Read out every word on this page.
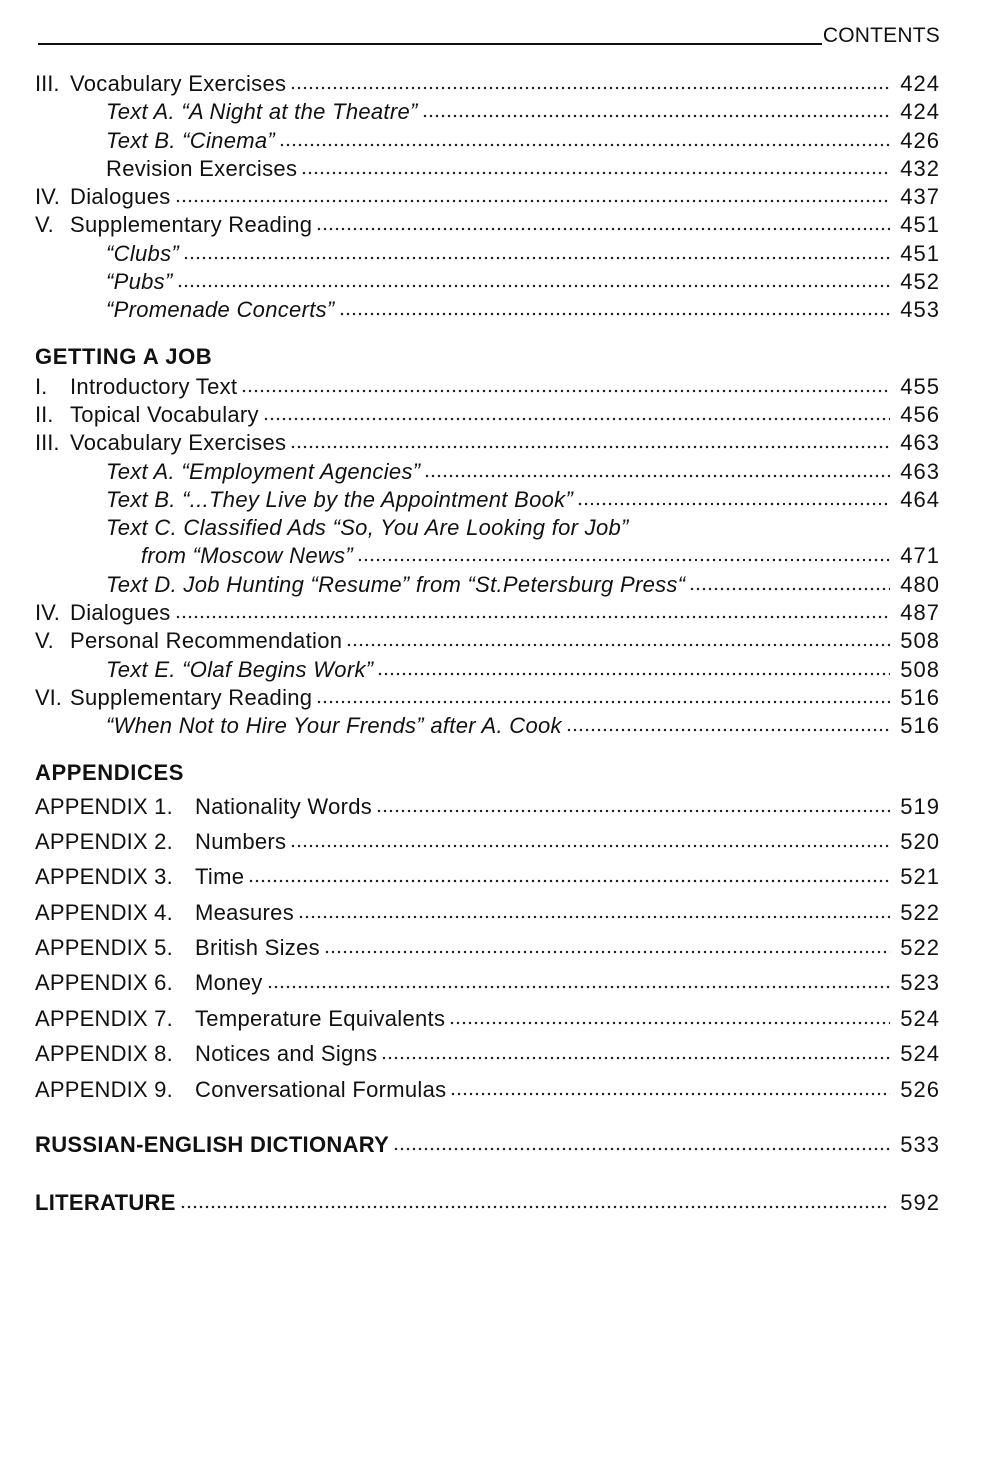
CONTENTS
III. Vocabulary Exercises	424
Text A. “A Night at the Theatre”	424
Text B. “Cinema”	426
Revision Exercises	432
IV. Dialogues	437
V. Supplementary Reading	451
“Clubs”	451
“Pubs”	452
“Promenade Concerts”	453
GETTING A JOB
I.	Introductory Text	455
II. Topical Vocabulary	456
III. Vocabulary Exercises	463
Text A. “Employment Agencies”	463
Text B. “...They Live by the Appointment Book”	464
Text C. Classified Ads “So, You Are Looking for Job”
from “Moscow News”	471
Text D. Job Hunting “Resume” from “St.Petersburg Press“	480
IV. Dialogues	487
V. Personal Recommendation	508
Text E. “Olaf Begins Work”	508
VI. Supplementary Reading	516
“When Not to Hire Your Frends” after A. Cook	516
APPENDICES
APPENDIX 1.	Nationality Words	519
APPENDIX 2.	Numbers	520
APPENDIX 3.	Time	521
APPENDIX 4.	Measures	522
APPENDIX 5.	British Sizes	522
APPENDIX 6.	Money	523
APPENDIX 7.	Temperature Equivalents	524
APPENDIX 8.	Notices and Signs	524
APPENDIX 9.	Conversational Formulas	526
RUSSIAN-ENGLISH DICTIONARY	533
LITERATURE	592
